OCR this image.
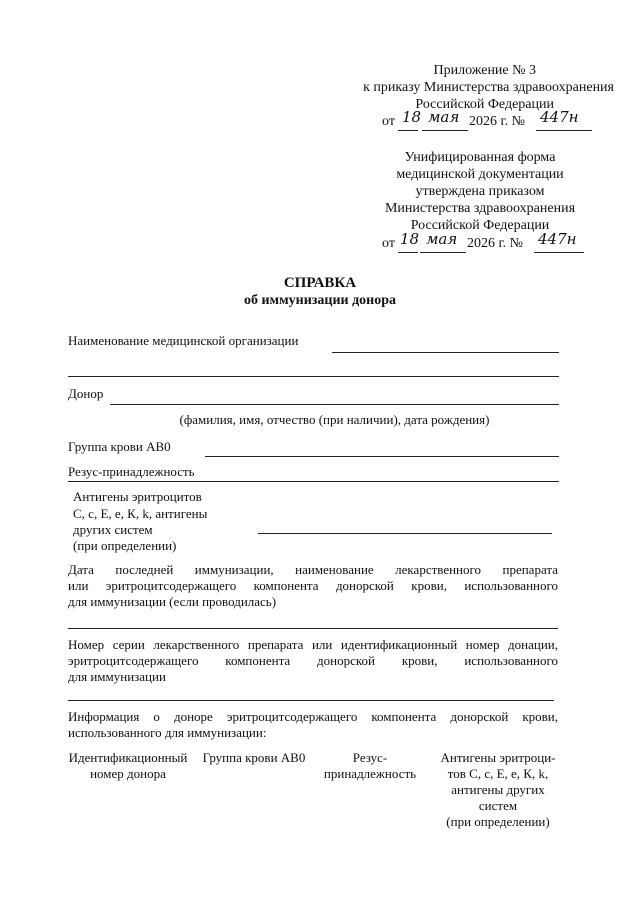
Приложение № 3
к приказу Министерства здравоохранения
Российской Федерации
от 18 мая 2026 г. № 447н
Унифицированная форма
медицинской документации
утверждена приказом
Министерства здравоохранения
Российской Федерации
от 18 мая 2026 г. № 447н
СПРАВКА
об иммунизации донора
Наименование медицинской организации
Донор
(фамилия, имя, отчество (при наличии), дата рождения)
Группа крови АВ0
Резус-принадлежность
Антигены эритроцитов
С, с, Е, е, К, k, антигены
других систем
(при определении)
Дата последней иммунизации, наименование лекарственного препарата
или эритроцитсодержащего компонента донорской крови, использованного
для иммунизации (если проводилась)
Номер серии лекарственного препарата или идентификационный номер донации,
эритроцитсодержащего компонента донорской крови, использованного
для иммунизации
Информация о доноре эритроцитсодержащего компонента донорской крови,
использованного для иммунизации:
Идентификационный
номер донора
Группа крови АВ0	Резус-
принадлежность
Антигены эритроци-
тов С, с, Е, е, К, k,
антигены других
систем
(при определении)
